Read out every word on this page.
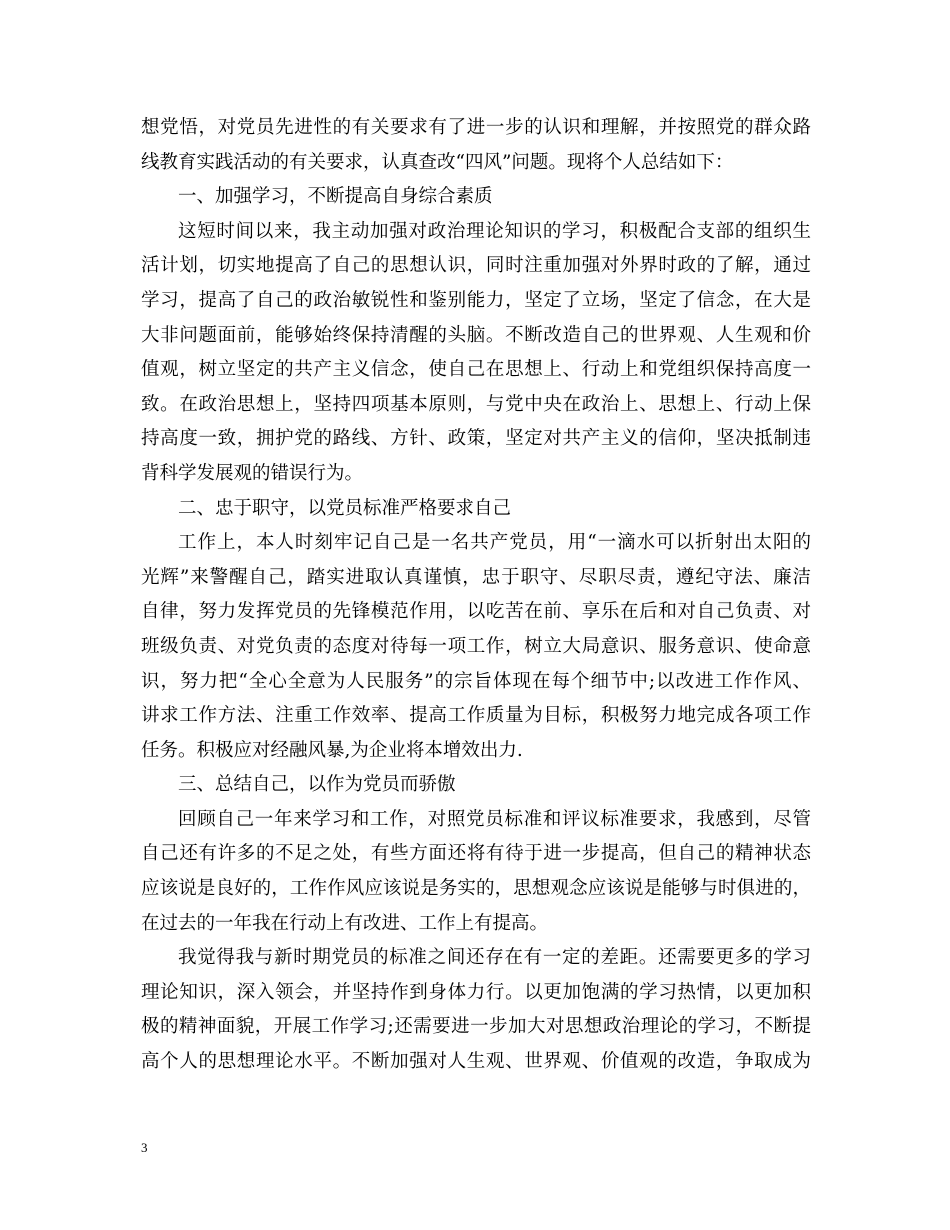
想党悟，对党员先进性的有关要求有了进一步的认识和理解，并按照党的群众路
线教育实践活动的有关要求，认真查改“四风”问题。现将个人总结如下：
一、加强学习，不断提高自身综合素质
这短时间以来，我主动加强对政治理论知识的学习，积极配合支部的组织生
活计划，切实地提高了自己的思想认识，同时注重加强对外界时政的了解，通过
学习，提高了自己的政治敏锐性和鉴别能力，坚定了立场，坚定了信念，在大是
大非问题面前，能够始终保持清醒的头脑。不断改造自己的世界观、人生观和价
值观，树立坚定的共产主义信念，使自己在思想上、行动上和党组织保持高度一
致。在政治思想上，坚持四项基本原则，与党中央在政治上、思想上、行动上保
持高度一致，拥护党的路线、方针、政策，坚定对共产主义的信仰，坚决抵制违
背科学发展观的错误行为。
二、忠于职守，以党员标准严格要求自己
工作上，本人时刻牢记自己是一名共产党员，用“一滴水可以折射出太阳的
光辉”来警醒自己，踏实进取认真谨慎，忠于职守、尽职尽责，遵纪守法、廉洁
自律，努力发挥党员的先锋模范作用，以吃苦在前、享乐在后和对自己负责、对
班级负责、对党负责的态度对待每一项工作，树立大局意识、服务意识、使命意
识，努力把“全心全意为人民服务”的宗旨体现在每个细节中;以改进工作作风、
讲求工作方法、注重工作效率、提高工作质量为目标，积极努力地完成各项工作
任务。积极应对经融风暴,为企业将本增效出力.
三、总结自己，以作为党员而骄傲
回顾自己一年来学习和工作，对照党员标准和评议标准要求，我感到，尽管
自己还有许多的不足之处，有些方面还将有待于进一步提高，但自己的精神状态
应该说是良好的，工作作风应该说是务实的，思想观念应该说是能够与时俱进的，
在过去的一年我在行动上有改进、工作上有提高。
我觉得我与新时期党员的标准之间还存在有一定的差距。还需要更多的学习
理论知识，深入领会，并坚持作到身体力行。以更加饱满的学习热情，以更加积
极的精神面貌，开展工作学习;还需要进一步加大对思想政治理论的学习，不断提
高个人的思想理论水平。不断加强对人生观、世界观、价值观的改造，争取成为
3
